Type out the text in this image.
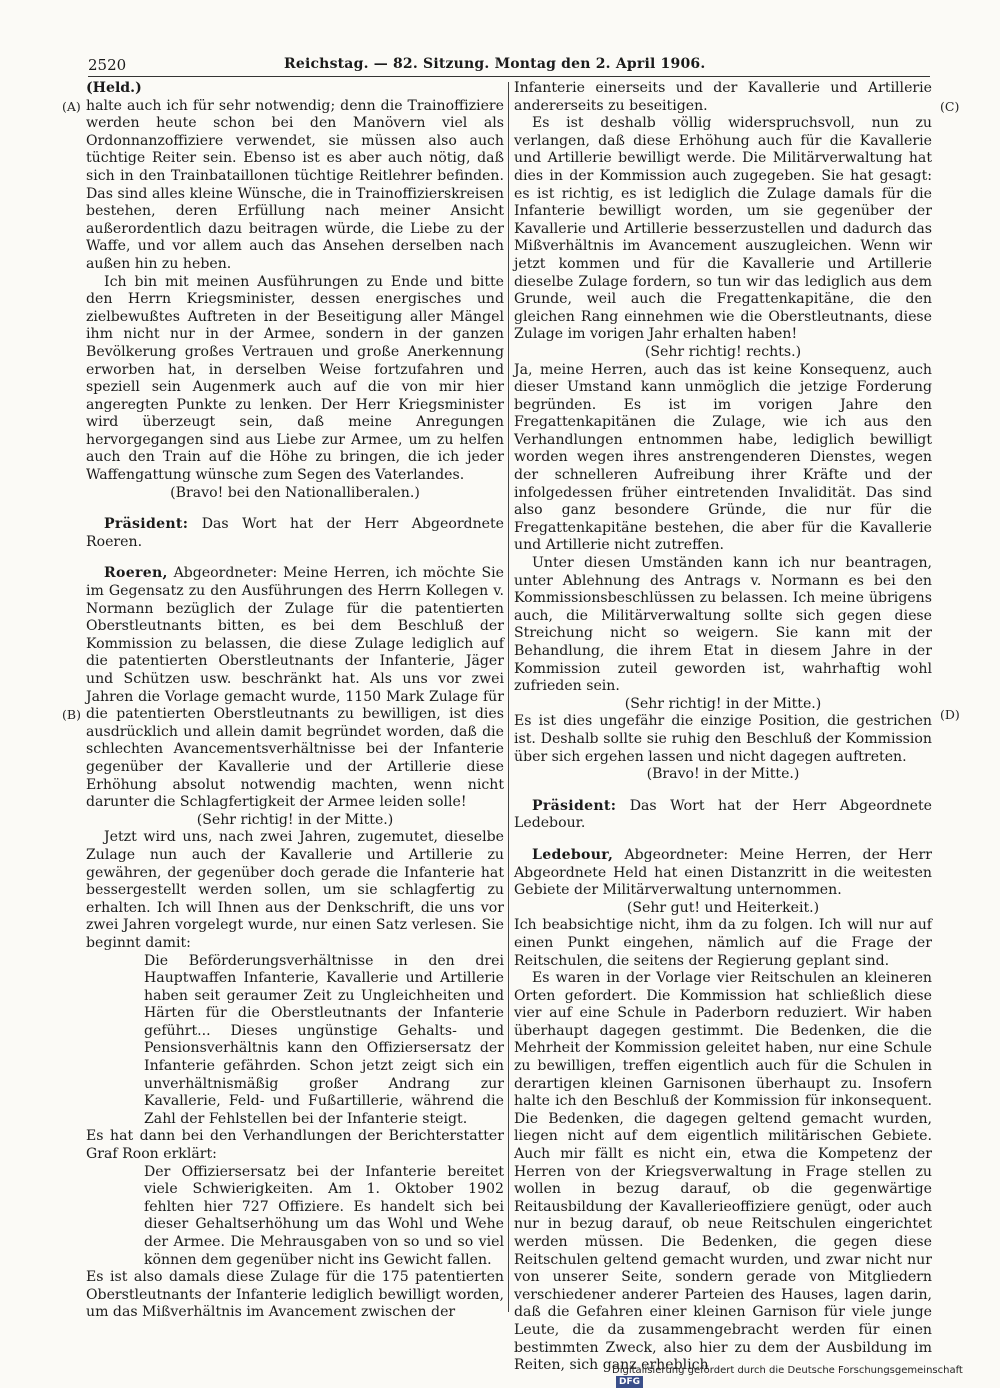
2520	Reichstag. — 82. Sitzung. Montag den 2. April 1906.
(A)
(B)
(C)
(D)

(Held.)

halte auch ich für sehr notwendig; denn die Trainoffiziere werden heute schon bei den Manövern viel als Ordonnanzoffiziere verwendet, sie müssen also auch tüchtige Reiter sein. Ebenso ist es aber auch nötig, daß sich in den Trainbataillonen tüchtige Reitlehrer befinden. Das sind alles kleine Wünsche, die in Trainoffizierskreisen bestehen, deren Erfüllung nach meiner Ansicht außerordentlich dazu beitragen würde, die Liebe zu der Waffe, und vor allem auch das Ansehen derselben nach außen hin zu heben.

Ich bin mit meinen Ausführungen zu Ende und bitte den Herrn Kriegsminister, dessen energisches und zielbewußtes Auftreten in der Beseitigung aller Mängel ihm nicht nur in der Armee, sondern in der ganzen Bevölkerung großes Vertrauen und große Anerkennung erworben hat, in derselben Weise fortzufahren und speziell sein Augenmerk auch auf die von mir hier angeregten Punkte zu lenken. Der Herr Kriegsminister wird überzeugt sein, daß meine Anregungen hervorgegangen sind aus Liebe zur Armee, um zu helfen auch den Train auf die Höhe zu bringen, die ich jeder Waffengattung wünsche zum Segen des Vaterlandes.

(Bravo! bei den Nationalliberalen.)

Präsident: Das Wort hat der Herr Abgeordnete Roeren.

Roeren, Abgeordneter: Meine Herren, ich möchte Sie im Gegensatz zu den Ausführungen des Herrn Kollegen v. Normann bezüglich der Zulage für die patentierten Oberstleutnants bitten, es bei dem Beschluß der Kommission zu belassen, die diese Zulage lediglich auf die patentierten Oberstleutnants der Infanterie, Jäger und Schützen usw. beschränkt hat. Als uns vor zwei Jahren die Vorlage gemacht wurde, 1150 Mark Zulage für die patentierten Oberstleutnants zu bewilligen, ist dies ausdrücklich und allein damit begründet worden, daß die schlechten Avancementsverhältnisse bei der Infanterie gegenüber der Kavallerie und der Artillerie diese Erhöhung absolut notwendig machten, wenn nicht darunter die Schlagfertigkeit der Armee leiden solle!

(Sehr richtig! in der Mitte.)

Jetzt wird uns, nach zwei Jahren, zugemutet, dieselbe Zulage nun auch der Kavallerie und Artillerie zu gewähren, der gegenüber doch gerade die Infanterie hat bessergestellt werden sollen, um sie schlagfertig zu erhalten. Ich will Ihnen aus der Denkschrift, die uns vor zwei Jahren vorgelegt wurde, nur einen Satz verlesen. Sie beginnt damit:

Die Beförderungsverhältnisse in den drei Hauptwaffen Infanterie, Kavallerie und Artillerie haben seit geraumer Zeit zu Ungleichheiten und Härten für die Oberstleutnants der Infanterie geführt... Dieses ungünstige Gehalts- und Pensionsverhältnis kann den Offiziersersatz der Infanterie gefährden. Schon jetzt zeigt sich ein unverhältnismäßig großer Andrang zur Kavallerie, Feld- und Fußartillerie, während die Zahl der Fehlstellen bei der Infanterie steigt.

Es hat dann bei den Verhandlungen der Berichterstatter Graf Roon erklärt:

Der Offiziersersatz bei der Infanterie bereitet viele Schwierigkeiten. Am 1. Oktober 1902 fehlten hier 727 Offiziere. Es handelt sich bei dieser Gehaltserhöhung um das Wohl und Wehe der Armee. Die Mehrausgaben von so und so viel können dem gegenüber nicht ins Gewicht fallen.

Es ist also damals diese Zulage für die 175 patentierten Oberstleutnants der Infanterie lediglich bewilligt worden, um das Mißverhältnis im Avancement zwischen der

Infanterie einerseits und der Kavallerie und Artillerie andererseits zu beseitigen.

Es ist deshalb völlig widerspruchsvoll, nun zu verlangen, daß diese Erhöhung auch für die Kavallerie und Artillerie bewilligt werde. Die Militärverwaltung hat dies in der Kommission auch zugegeben. Sie hat gesagt: es ist richtig, es ist lediglich die Zulage damals für die Infanterie bewilligt worden, um sie gegenüber der Kavallerie und Artillerie besserzustellen und dadurch das Mißverhältnis im Avancement auszugleichen. Wenn wir jetzt kommen und für die Kavallerie und Artillerie dieselbe Zulage fordern, so tun wir das lediglich aus dem Grunde, weil auch die Fregattenkapitäne, die den gleichen Rang einnehmen wie die Oberstleutnants, diese Zulage im vorigen Jahr erhalten haben!

(Sehr richtig! rechts.)

Ja, meine Herren, auch das ist keine Konsequenz, auch dieser Umstand kann unmöglich die jetzige Forderung begründen. Es ist im vorigen Jahre den Fregattenkapitänen die Zulage, wie ich aus den Verhandlungen entnommen habe, lediglich bewilligt worden wegen ihres anstrengenderen Dienstes, wegen der schnelleren Aufreibung ihrer Kräfte und der infolgedessen früher eintretenden Invalidität. Das sind also ganz besondere Gründe, die nur für die Fregattenkapitäne bestehen, die aber für die Kavallerie und Artillerie nicht zutreffen.

Unter diesen Umständen kann ich nur beantragen, unter Ablehnung des Antrags v. Normann es bei den Kommissionsbeschlüssen zu belassen. Ich meine übrigens auch, die Militärverwaltung sollte sich gegen diese Streichung nicht so weigern. Sie kann mit der Behandlung, die ihrem Etat in diesem Jahre in der Kommission zuteil geworden ist, wahrhaftig wohl zufrieden sein.

(Sehr richtig! in der Mitte.)

Es ist dies ungefähr die einzige Position, die gestrichen ist. Deshalb sollte sie ruhig den Beschluß der Kommission über sich ergehen lassen und nicht dagegen auftreten.

(Bravo! in der Mitte.)

Präsident: Das Wort hat der Herr Abgeordnete Ledebour.

Ledebour, Abgeordneter: Meine Herren, der Herr Abgeordnete Held hat einen Distanzritt in die weitesten Gebiete der Militärverwaltung unternommen.

(Sehr gut! und Heiterkeit.)

Ich beabsichtige nicht, ihm da zu folgen. Ich will nur auf einen Punkt eingehen, nämlich auf die Frage der Reitschulen, die seitens der Regierung geplant sind.

Es waren in der Vorlage vier Reitschulen an kleineren Orten gefordert. Die Kommission hat schließlich diese vier auf eine Schule in Paderborn reduziert. Wir haben überhaupt dagegen gestimmt. Die Bedenken, die die Mehrheit der Kommission geleitet haben, nur eine Schule zu bewilligen, treffen eigentlich auch für die Schulen in derartigen kleinen Garnisonen überhaupt zu. Insofern halte ich den Beschluß der Kommission für inkonsequent. Die Bedenken, die dagegen geltend gemacht wurden, liegen nicht auf dem eigentlich militärischen Gebiete. Auch mir fällt es nicht ein, etwa die Kompetenz der Herren von der Kriegsverwaltung in Frage stellen zu wollen in bezug darauf, ob die gegenwärtige Reitausbildung der Kavallerieoffiziere genügt, oder auch nur in bezug darauf, ob neue Reitschulen eingerichtet werden müssen. Die Bedenken, die gegen diese Reitschulen geltend gemacht wurden, und zwar nicht nur von unserer Seite, sondern gerade von Mitgliedern verschiedener anderer Parteien des Hauses, lagen darin, daß die Gefahren einer kleinen Garnison für viele junge Leute, die da zusammengebracht werden für einen bestimmten Zweck, also hier zu dem der Ausbildung im Reiten, sich ganz erheblich

Digitalisierung gefördert durch die Deutsche Forschungsgemeinschaft DFG
